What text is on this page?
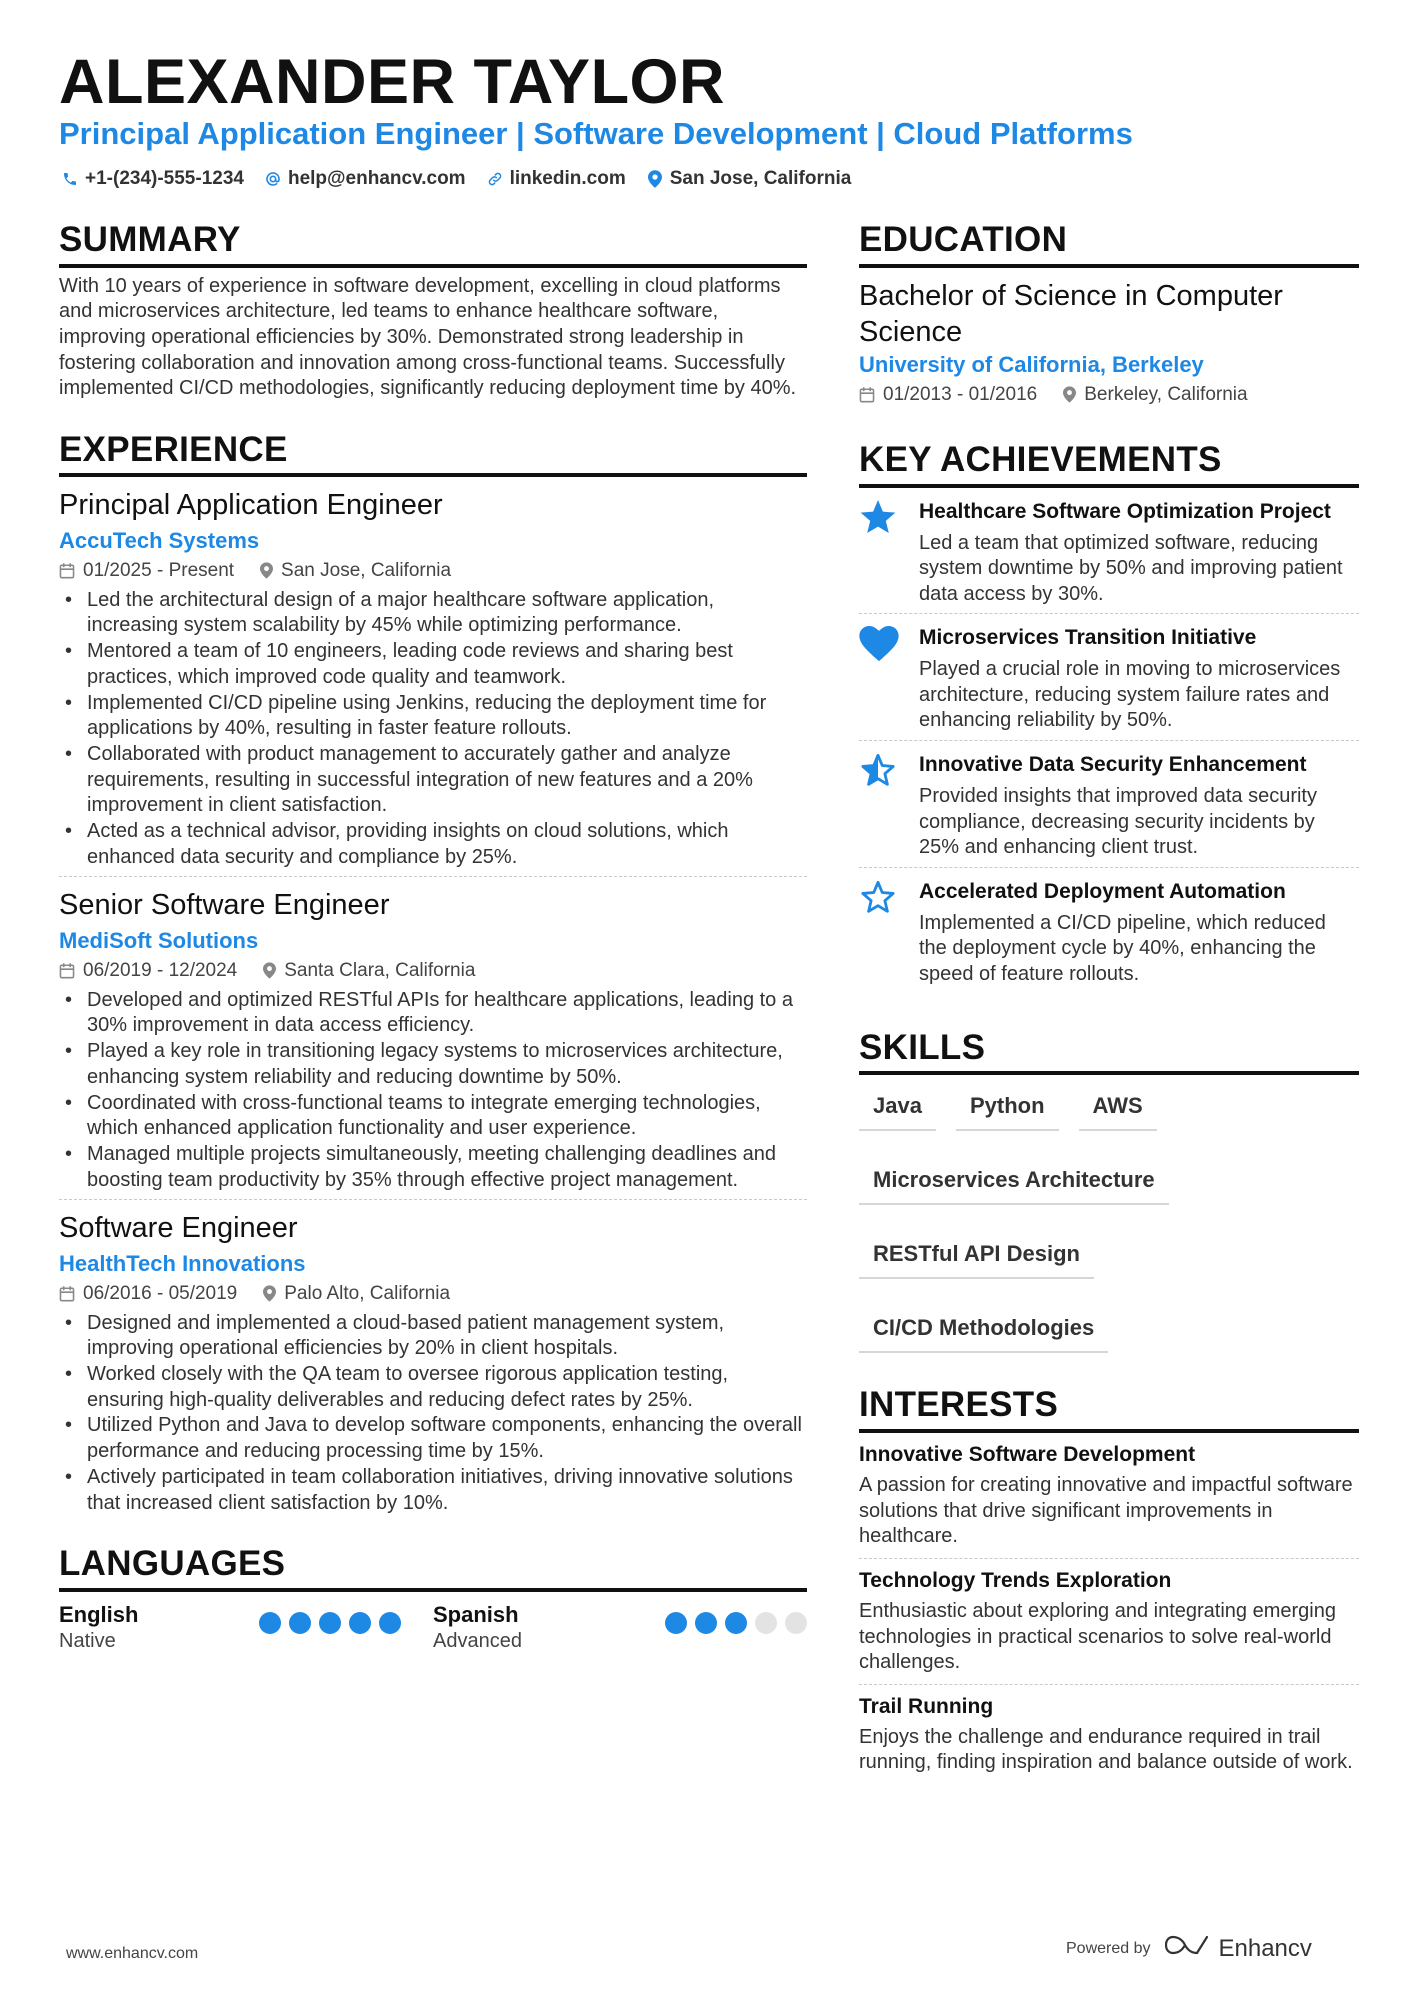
ALEXANDER TAYLOR
Principal Application Engineer | Software Development | Cloud Platforms
+1-(234)-555-1234 help@enhancv.com linkedin.com San Jose, California
SUMMARY
With 10 years of experience in software development, excelling in cloud platforms and microservices architecture, led teams to enhance healthcare software, improving operational efficiencies by 30%. Demonstrated strong leadership in fostering collaboration and innovation among cross-functional teams. Successfully implemented CI/CD methodologies, significantly reducing deployment time by 40%.
EXPERIENCE
Principal Application Engineer
AccuTech Systems
01/2025 - Present San Jose, California
• Led the architectural design of a major healthcare software application, increasing system scalability by 45% while optimizing performance.
• Mentored a team of 10 engineers, leading code reviews and sharing best practices, which improved code quality and teamwork.
• Implemented CI/CD pipeline using Jenkins, reducing the deployment time for applications by 40%, resulting in faster feature rollouts.
• Collaborated with product management to accurately gather and analyze requirements, resulting in successful integration of new features and a 20% improvement in client satisfaction.
• Acted as a technical advisor, providing insights on cloud solutions, which enhanced data security and compliance by 25%.
Senior Software Engineer
MediSoft Solutions
06/2019 - 12/2024 Santa Clara, California
• Developed and optimized RESTful APIs for healthcare applications, leading to a 30% improvement in data access efficiency.
• Played a key role in transitioning legacy systems to microservices architecture, enhancing system reliability and reducing downtime by 50%.
• Coordinated with cross-functional teams to integrate emerging technologies, which enhanced application functionality and user experience.
• Managed multiple projects simultaneously, meeting challenging deadlines and boosting team productivity by 35% through effective project management.
Software Engineer
HealthTech Innovations
06/2016 - 05/2019 Palo Alto, California
• Designed and implemented a cloud-based patient management system, improving operational efficiencies by 20% in client hospitals.
• Worked closely with the QA team to oversee rigorous application testing, ensuring high-quality deliverables and reducing defect rates by 25%.
• Utilized Python and Java to develop software components, enhancing the overall performance and reducing processing time by 15%.
• Actively participated in team collaboration initiatives, driving innovative solutions that increased client satisfaction by 10%.
LANGUAGES
English
Native
Spanish
Advanced
EDUCATION
Bachelor of Science in Computer Science
University of California, Berkeley
01/2013 - 01/2016 Berkeley, California
KEY ACHIEVEMENTS
Healthcare Software Optimization Project
Led a team that optimized software, reducing system downtime by 50% and improving patient data access by 30%.
Microservices Transition Initiative
Played a crucial role in moving to microservices architecture, reducing system failure rates and enhancing reliability by 50%.
Innovative Data Security Enhancement
Provided insights that improved data security compliance, decreasing security incidents by 25% and enhancing client trust.
Accelerated Deployment Automation
Implemented a CI/CD pipeline, which reduced the deployment cycle by 40%, enhancing the speed of feature rollouts.
SKILLS
Java	Python	AWS
Microservices Architecture
RESTful API Design
CI/CD Methodologies
INTERESTS
Innovative Software Development
A passion for creating innovative and impactful software solutions that drive significant improvements in healthcare.
Technology Trends Exploration
Enthusiastic about exploring and integrating emerging technologies in practical scenarios to solve real-world challenges.
Trail Running
Enjoys the challenge and endurance required in trail running, finding inspiration and balance outside of work.
www.enhancv.com	Powered by	Enhancv
